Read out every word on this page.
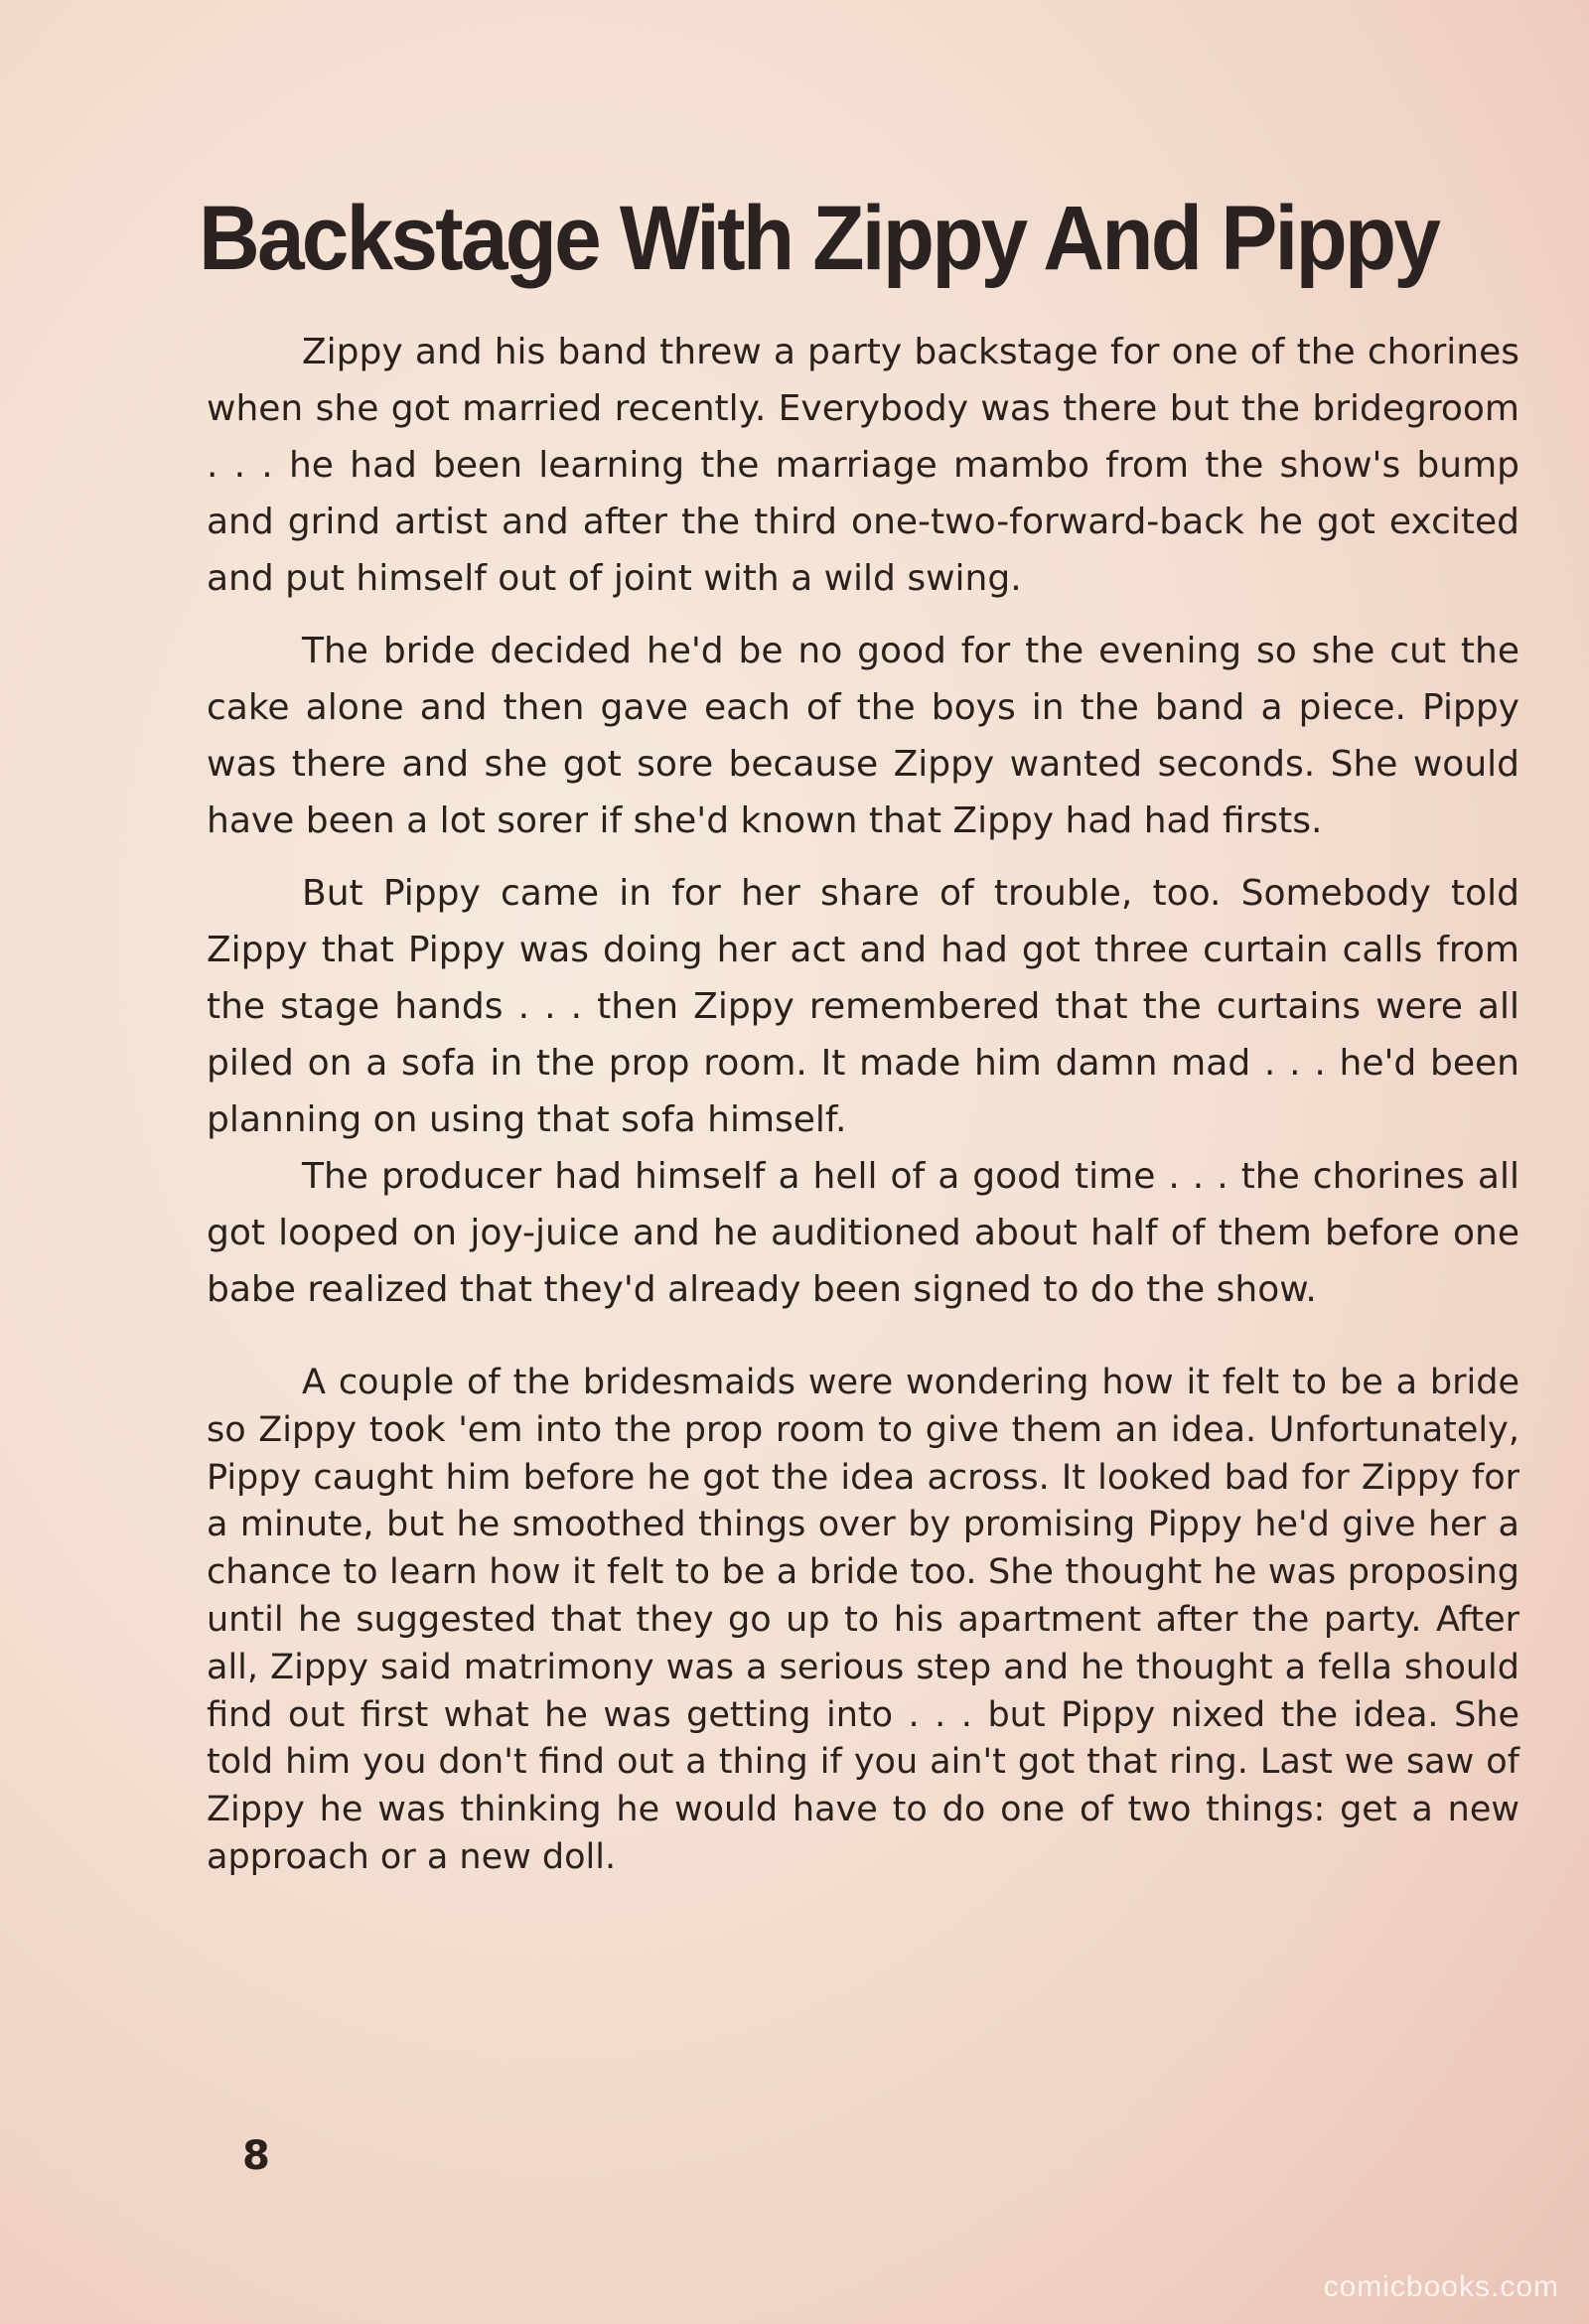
Backstage With Zippy And Pippy

Zippy and his band threw a party backstage for one of the chorines when she got married recently. Everybody was there but the bridegroom . . . he had been learning the marriage mambo from the show's bump and grind artist and after the third one-two-forward-back he got excited and put himself out of joint with a wild swing.

The bride decided he'd be no good for the evening so she cut the cake alone and then gave each of the boys in the band a piece. Pippy was there and she got sore because Zippy wanted seconds. She would have been a lot sorer if she'd known that Zippy had had firsts.

But Pippy came in for her share of trouble, too. Somebody told Zippy that Pippy was doing her act and had got three curtain calls from the stage hands . . . then Zippy remembered that the curtains were all piled on a sofa in the prop room. It made him damn mad . . . he'd been planning on using that sofa himself.

The producer had himself a hell of a good time . . . the chorines all got looped on joy-juice and he auditioned about half of them before one babe realized that they'd already been signed to do the show.

A couple of the bridesmaids were wondering how it felt to be a bride so Zippy took 'em into the prop room to give them an idea. Unfortunately, Pippy caught him before he got the idea across. It looked bad for Zippy for a minute, but he smoothed things over by promising Pippy he'd give her a chance to learn how it felt to be a bride too. She thought he was proposing until he suggested that they go up to his apartment after the party. After all, Zippy said matrimony was a serious step and he thought a fella should find out first what he was getting into . . . but Pippy nixed the idea. She told him you don't find out a thing if you ain't got that ring. Last we saw of Zippy he was thinking he would have to do one of two things: get a new approach or a new doll.

8
comicbooks.com
